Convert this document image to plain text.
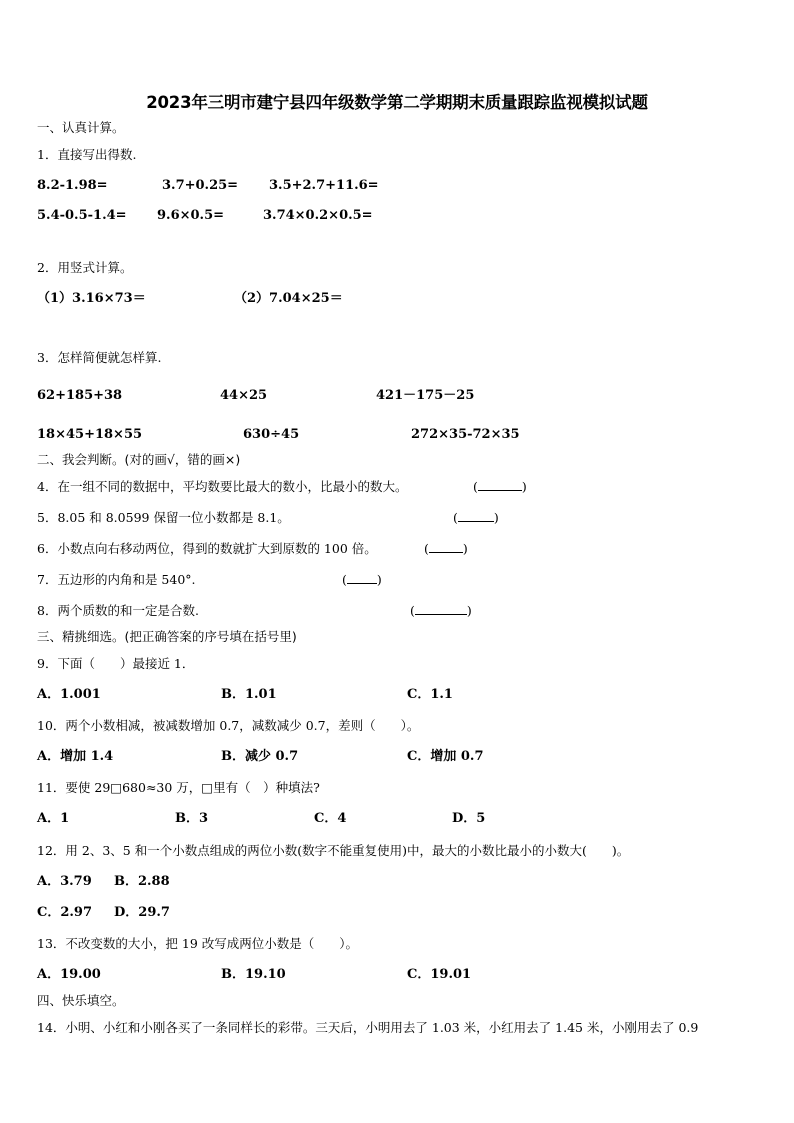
2023年三明市建宁县四年级数学第二学期期末质量跟踪监视模拟试题
一、认真计算。
1．直接写出得数.
8.2-1.98=	3.7+0.25= 3.5+2.7+11.6=
5.4-0.5-1.4= 9.6×0.5=	3.74×0.2×0.5=
2．用竖式计算。
（1）3.16×73＝	（2）7.04×25＝
3．怎样简便就怎样算.
62+185+38	44×25	421－175－25
18×45+18×55	630÷45	272×35-72×35
二、我会判断。(对的画√，错的画×)
4．在一组不同的数据中，平均数要比最大的数小，比最小的数大。	(	)
5．8.05 和 8.0599 保留一位小数都是 8.1。	(	)
6．小数点向右移动两位，得到的数就扩大到原数的 100 倍。	(	)
7．五边形的内角和是 540°.	( )
8．两个质数的和一定是合数.	(	)
三、精挑细选。(把正确答案的序号填在括号里)
9．下面（　　）最接近 1．
A．1.001	B．1.01	C．1.1
10．两个小数相减，被减数增加 0.7，减数减少 0.7，差则（　　）。
A．增加 1.4	B．减少 0.7	C．增加 0.7
11．要使 29□680≈30 万，□里有（　）种填法?
A．1	B．3	C．4	D．5
12．用 2、3、5 和一个小数点组成的两位小数(数字不能重复使用)中，最大的小数比最小的小数大(　　)。
A．3.79 B．2.88
C．2.97 D．29.7
13．不改变数的大小，把 19 改写成两位小数是（　　）。
A．19.00	B．19.10	C．19.01
四、快乐填空。
14．小明、小红和小刚各买了一条同样长的彩带。三天后，小明用去了 1.03 米，小红用去了 1.45 米，小刚用去了 0.9
